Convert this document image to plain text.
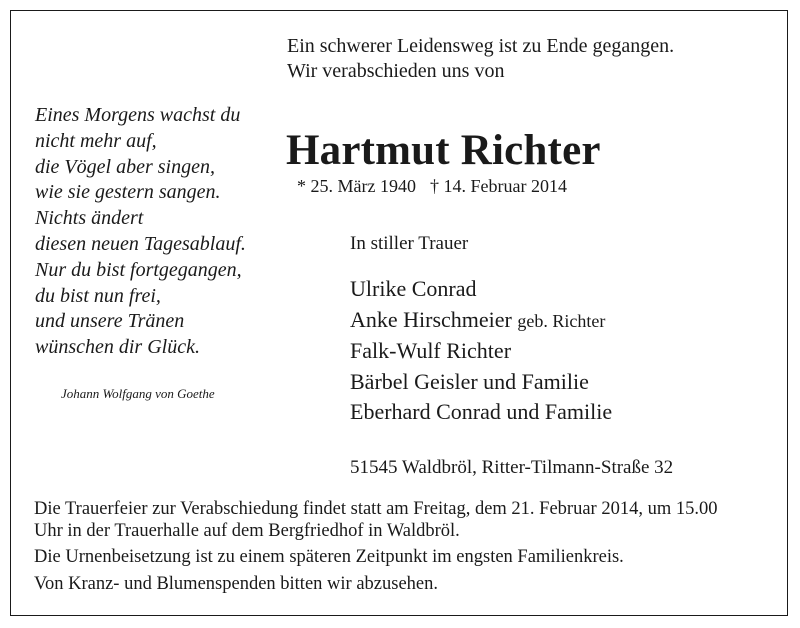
Ein schwerer Leidensweg ist zu Ende gegangen.
Wir verabschieden uns von
Eines Morgens wachst du
nicht mehr auf,
die Vögel aber singen,
wie sie gestern sangen.
Nichts ändert
diesen neuen Tagesablauf.
Nur du bist fortgegangen,
du bist nun frei,
und unsere Tränen
wünschen dir Glück.
Johann Wolfgang von Goethe
Hartmut Richter
* 25. März 1940 † 14. Februar 2014
In stiller Trauer
Ulrike Conrad
Anke Hirschmeier geb. Richter
Falk-Wulf Richter
Bärbel Geisler und Familie
Eberhard Conrad und Familie
51545 Waldbröl, Ritter-Tilmann-Straße 32

Die Trauerfeier zur Verabschiedung findet statt am Freitag, dem 21. Februar 2014, um 15.00
Uhr in der Trauerhalle auf dem Bergfriedhof in Waldbröl.

Die Urnenbeisetzung ist zu einem späteren Zeitpunkt im engsten Familienkreis.

Von Kranz- und Blumenspenden bitten wir abzusehen.
